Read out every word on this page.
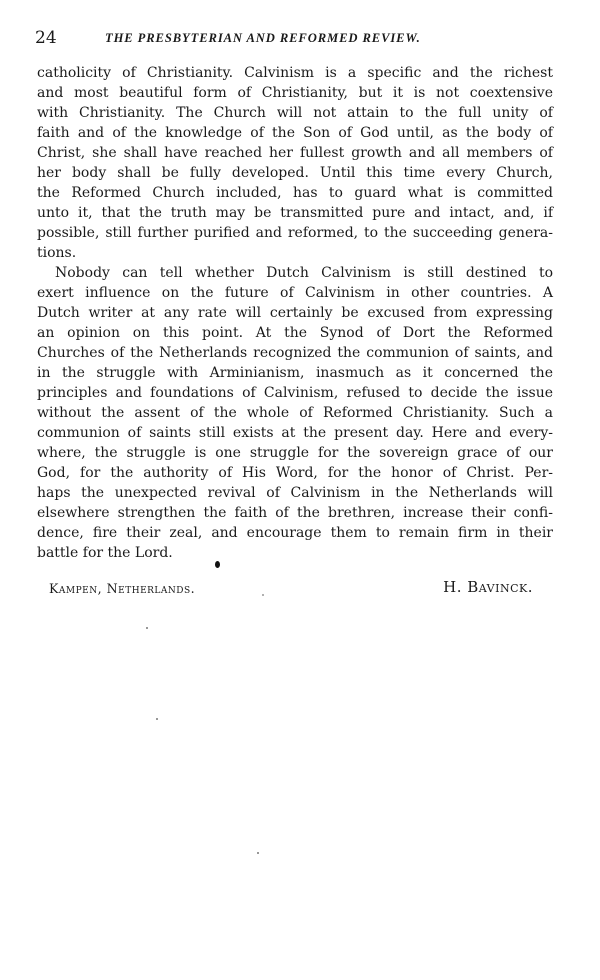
24	THE PRESBYTERIAN AND REFORMED REVIEW.
catholicity of Christianity. Calvinism is a specific and the richest
and most beautiful form of Christianity, but it is not coextensive
with Christianity. The Church will not attain to the full unity of
faith and of the knowledge of the Son of God until, as the body of
Christ, she shall have reached her fullest growth and all members of
her body shall be fully developed. Until this time every Church,
the Reformed Church included, has to guard what is committed
unto it, that the truth may be transmitted pure and intact, and, if
possible, still further purified and reformed, to the succeeding genera-
tions.
Nobody can tell whether Dutch Calvinism is still destined to
exert influence on the future of Calvinism in other countries. A
Dutch writer at any rate will certainly be excused from expressing
an opinion on this point. At the Synod of Dort the Reformed
Churches of the Netherlands recognized the communion of saints, and
in the struggle with Arminianism, inasmuch as it concerned the
principles and foundations of Calvinism, refused to decide the issue
without the assent of the whole of Reformed Christianity. Such a
communion of saints still exists at the present day. Here and every-
where, the struggle is one struggle for the sovereign grace of our
God, for the authority of His Word, for the honor of Christ. Per-
haps the unexpected revival of Calvinism in the Netherlands will
elsewhere strengthen the faith of the brethren, increase their confi-
dence, fire their zeal, and encourage them to remain firm in their
battle for the Lord.
Kampen, Netherlands.	H. Bavinck.
